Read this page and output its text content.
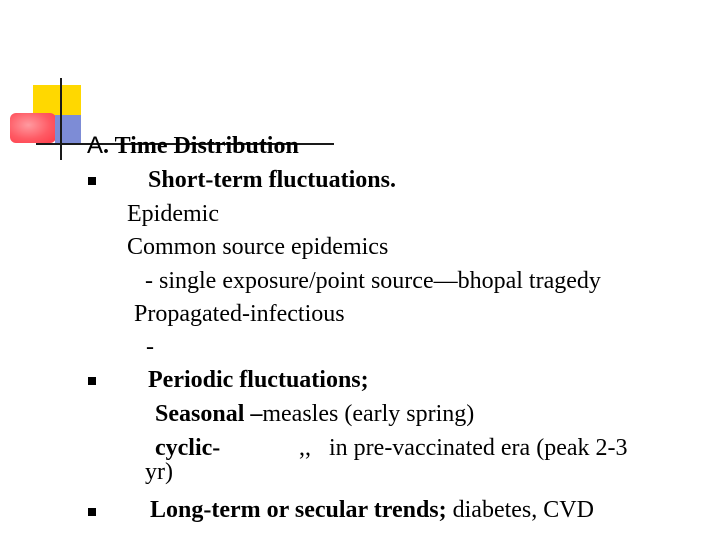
A. Time Distribution
Short-term fluctuations.
Epidemic
Common source epidemics
- single exposure/point source—bhopal tragedy
Propagated-infectious
-
Periodic fluctuations;
Seasonal –measles (early spring)
cyclic-	,,   in pre-vaccinated era (peak 2-3
yr)
Long-term or secular trends; diabetes, CVD
